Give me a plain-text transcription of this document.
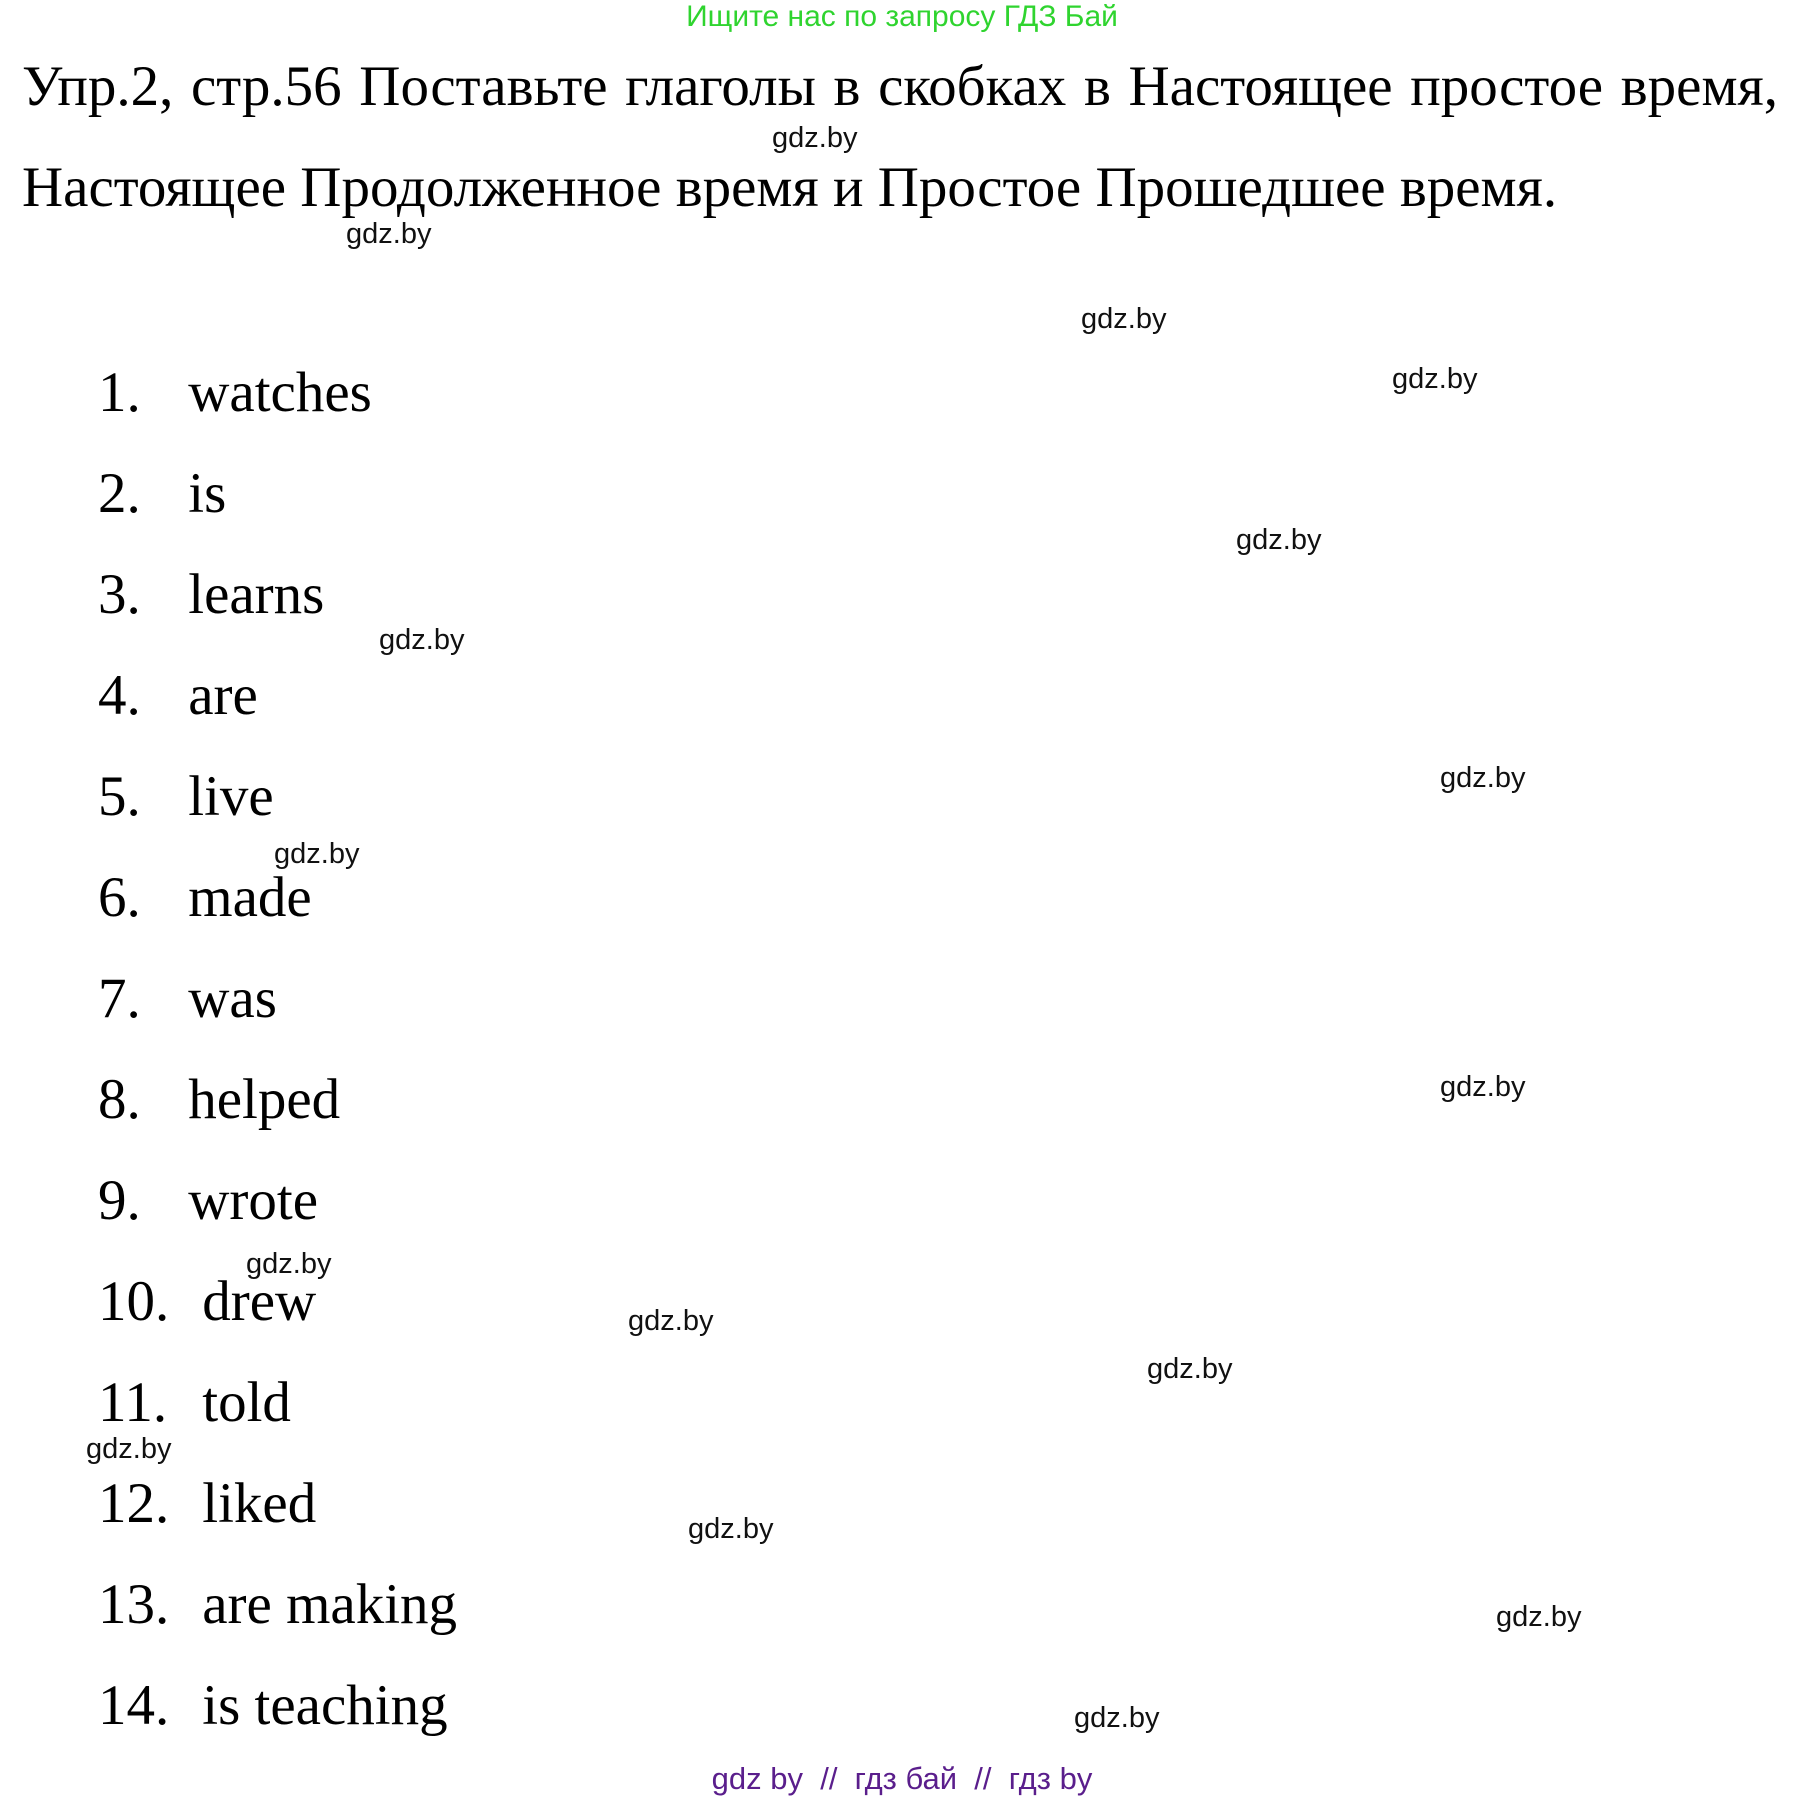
Ищите нас по запросу ГДЗ Бай
Упр.2, стр.56 Поставьте глаголы в скобках в Настоящее простое время, Настоящее Продолженное время и Простое Прошедшее время.
1. watches
2. is
3. learns
4. are
5. live
6. made
7. was
8. helped
9. wrote
10. drew
11. told
12. liked
13. are making
14. is teaching
gdz.by
gdz.by
gdz.by
gdz.by
gdz.by
gdz.by
gdz.by
gdz.by
gdz.by
gdz.by
gdz.by
gdz.by
gdz.by
gdz.by
gdz.by
gdz.by
gdz by  //  гдз бай  //  гдз by
